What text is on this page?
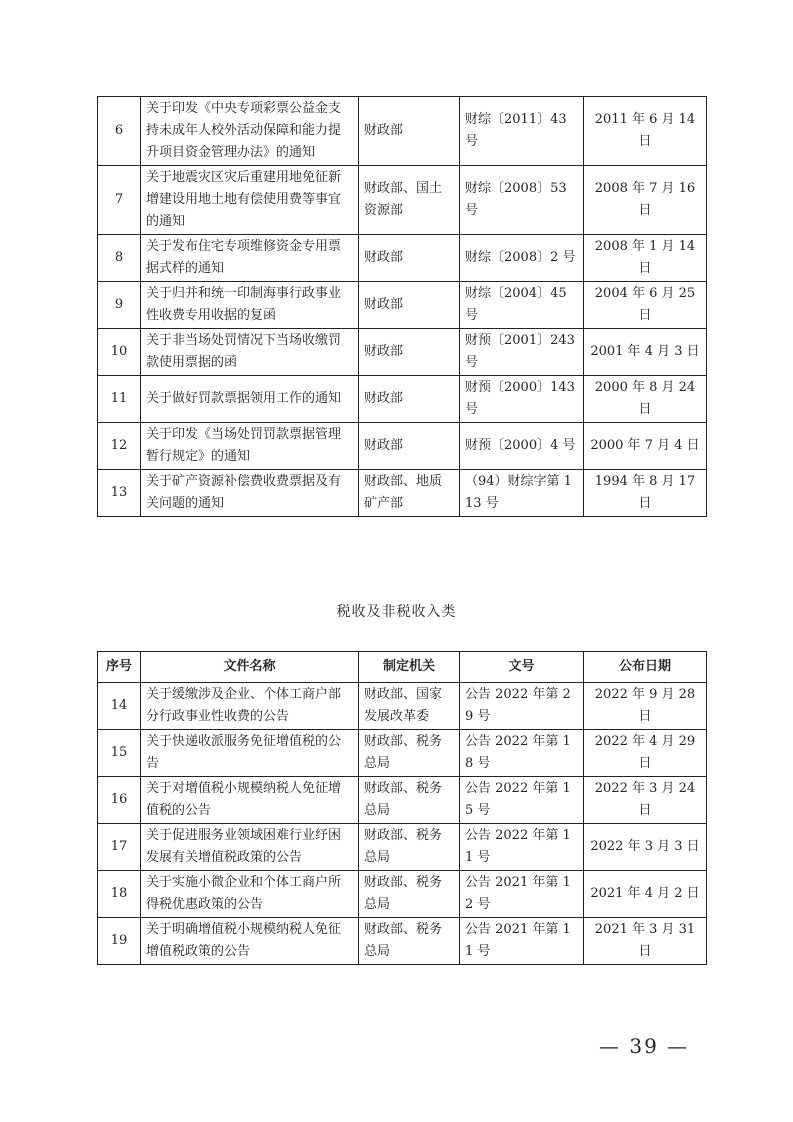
6	关于印发《中央专项彩票公益金支持未成年人校外活动保障和能力提升项目资金管理办法》的通知	财政部	财综〔2011〕43 号	2011 年 6 月 14 日
7	关于地震灾区灾后重建用地免征新增建设用地土地有偿使用费等事宜的通知	财政部、国土资源部	财综〔2008〕53 号	2008 年 7 月 16 日
8	关于发布住宅专项维修资金专用票据式样的通知	财政部	财综〔2008〕2 号	2008 年 1 月 14 日
9	关于归并和统一印制海事行政事业性收费专用收据的复函	财政部	财综〔2004〕45 号	2004 年 6 月 25 日
10	关于非当场处罚情况下当场收缴罚款使用票据的函	财政部	财预〔2001〕243 号	2001 年 4 月 3 日
11	关于做好罚款票据领用工作的通知	财政部	财预〔2000〕143 号	2000 年 8 月 24 日
12	关于印发《当场处罚罚款票据管理暂行规定》的通知	财政部	财预〔2000〕4 号	2000 年 7 月 4 日
13	关于矿产资源补偿费收费票据及有关问题的通知	财政部、地质矿产部	（94）财综字第 113 号	1994 年 8 月 17 日
税收及非税收入类
序号	文件名称	制定机关	文号	公布日期
14	关于缓缴涉及企业、个体工商户部分行政事业性收费的公告	财政部、国家发展改革委	公告 2022 年第 29 号	2022 年 9 月 28 日
15	关于快递收派服务免征增值税的公告	财政部、税务总局	公告 2022 年第 18 号	2022 年 4 月 29 日
16	关于对增值税小规模纳税人免征增值税的公告	财政部、税务总局	公告 2022 年第 15 号	2022 年 3 月 24 日
17	关于促进服务业领域困难行业纾困发展有关增值税政策的公告	财政部、税务总局	公告 2022 年第 11 号	2022 年 3 月 3 日
18	关于实施小微企业和个体工商户所得税优惠政策的公告	财政部、税务总局	公告 2021 年第 12 号	2021 年 4 月 2 日
19	关于明确增值税小规模纳税人免征增值税政策的公告	财政部、税务总局	公告 2021 年第 11 号	2021 年 3 月 31 日
— 39 —
